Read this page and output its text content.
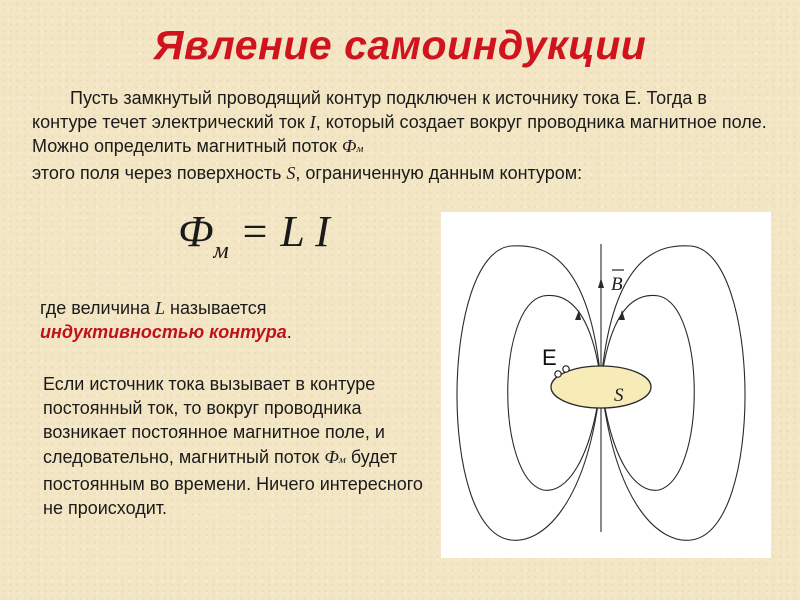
Явление самоиндукции

Пусть замкнутый проводящий контур подключен к источнику тока Е. Тогда в контуре течет электрический ток I, который создает вокруг проводника магнитное поле. Можно определить магнитный поток Фм
этого поля через поверхность S, ограниченную данным контуром:

$Ф_м = L$ I

где величина L называется
индуктивностью контура.

Если источник тока вызывает в контуре постоянный ток, то вокруг проводника возникает постоянное магнитное поле, и следовательно, магнитный поток Фм будет постоянным во времени. Ничего интересного не происходит.

B
S
E
